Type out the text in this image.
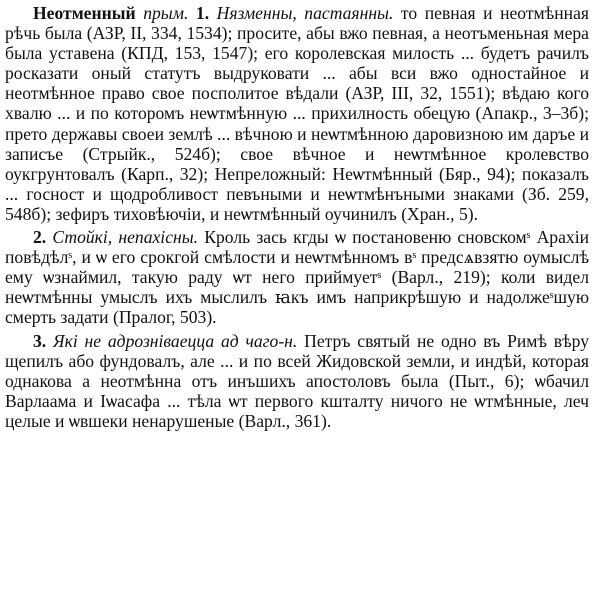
Неотменный прым. 1. Нязменны, пастаянны. то певная и неотмѣнная рѣчь была (АЗР, II, 334, 1534); просите, абы вжо певная, а неотъменьная мера была уставена (КПД, 153, 1547); его королевская милость ... будетъ рачилъ росказати оный статутъ выдруковати ... абы вси вжо одностайное и неотмѣнное право свое посполитое вѣдали (АЗР, III, 32, 1551); вѣдаю кого хвалю ... и по которомъ неѡтмѣнную ... прихилность обецую (Апакр., 3–3б); прето державы своеи землѣ ... вѣчною и неѡтмѣнною даровизною им даръе и записъе (Стрыйк., 524б); свое вѣчное и неѡтмѣнное кролевство оукгрунтовалъ (Карп., 32); Непреложный: Неѡтмѣнный (Бяр., 94); показалъ ... госност и щодробливост певъными и неѡтмѣнъными знаками (Зб. 259, 548б); зефиръ тиховѣючіи, и неѡтмѣнный оучинилъ (Хран., 5).

2. Стойкі, непахісны. Кроль зась кгды ѡ постановеню сновскомˢ Арахіи повѣдѣлˢ, и ѡ его срокгой смѣлости и неѡтмѣнномъ вˢ предсѧвзятю оумыслѣ ему ѡзнаймил, такую раду ѡт него приймуетˢ (Варл., 219); коли видел неѡтмѣнны умыслъ ихъ мыслилъ ꙗкъ имъ наприкрѣшую и надолжеˢшую смерть задати (Пралог, 503).

3. Які не адрозніваецца ад чаго-н. Петръ святый не одно въ Римѣ вѣру щепилъ або фундовалъ, але ... и по всей Жидовской земли, и индѣй, которая однакова а неотмѣнна отъ инъшихъ апостоловъ была (Пыт., 6); ѡбачил Варлаама и Іѡасафа ... тѣла ѡт первого кшталту ничого не ѡтмѣнные, леч целые и ѡвшеки ненарушеные (Варл., 361).
